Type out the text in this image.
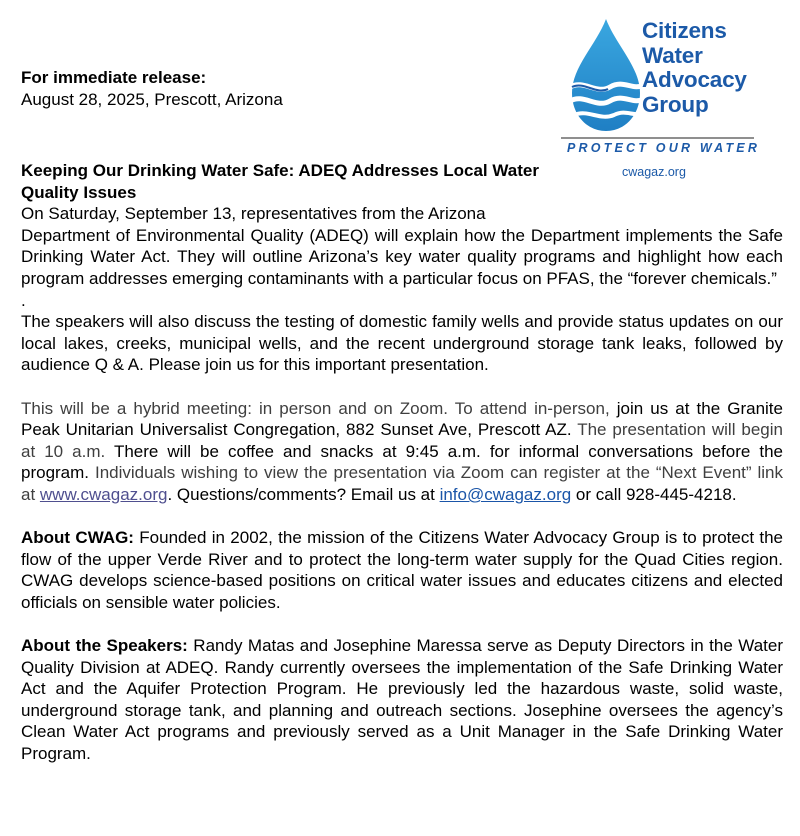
For immediate release:
August 28, 2025, Prescott, Arizona
Citizens
Water
Advocacy
Group
PROTECT OUR WATER
cwagaz.org
Keeping Our Drinking Water Safe: ADEQ Addresses Local Water Quality Issues
On Saturday, September 13, representatives from the Arizona
Department of Environmental Quality (ADEQ) will explain how the Department implements the Safe Drinking Water Act. They will outline Arizona’s key water quality programs and highlight how each program addresses emerging contaminants with a particular focus on PFAS, the “forever chemicals.”
.
The speakers will also discuss the testing of domestic family wells and provide status updates on our local lakes, creeks, municipal wells, and the recent underground storage tank leaks, followed by audience Q & A. Please join us for this important presentation.
This will be a hybrid meeting: in person and on Zoom. To attend in-person, join us at the Granite Peak Unitarian Universalist Congregation, 882 Sunset Ave, Prescott AZ. The presentation will begin at 10 a.m. There will be coffee and snacks at 9:45 a.m. for informal conversations before the program. Individuals wishing to view the presentation via Zoom can register at the “Next Event” link at www.cwagaz.org. Questions/comments? Email us at info@cwagaz.org or call 928-445-4218.
About CWAG: Founded in 2002, the mission of the Citizens Water Advocacy Group is to protect the flow of the upper Verde River and to protect the long-term water supply for the Quad Cities region. CWAG develops science-based positions on critical water issues and educates citizens and elected officials on sensible water policies.
About the Speakers: Randy Matas and Josephine Maressa serve as Deputy Directors in the Water Quality Division at ADEQ. Randy currently oversees the implementation of the Safe Drinking Water Act and the Aquifer Protection Program. He previously led the hazardous waste, solid waste, underground storage tank, and planning and outreach sections. Josephine oversees the agency’s Clean Water Act programs and previously served as a Unit Manager in the Safe Drinking Water Program.
